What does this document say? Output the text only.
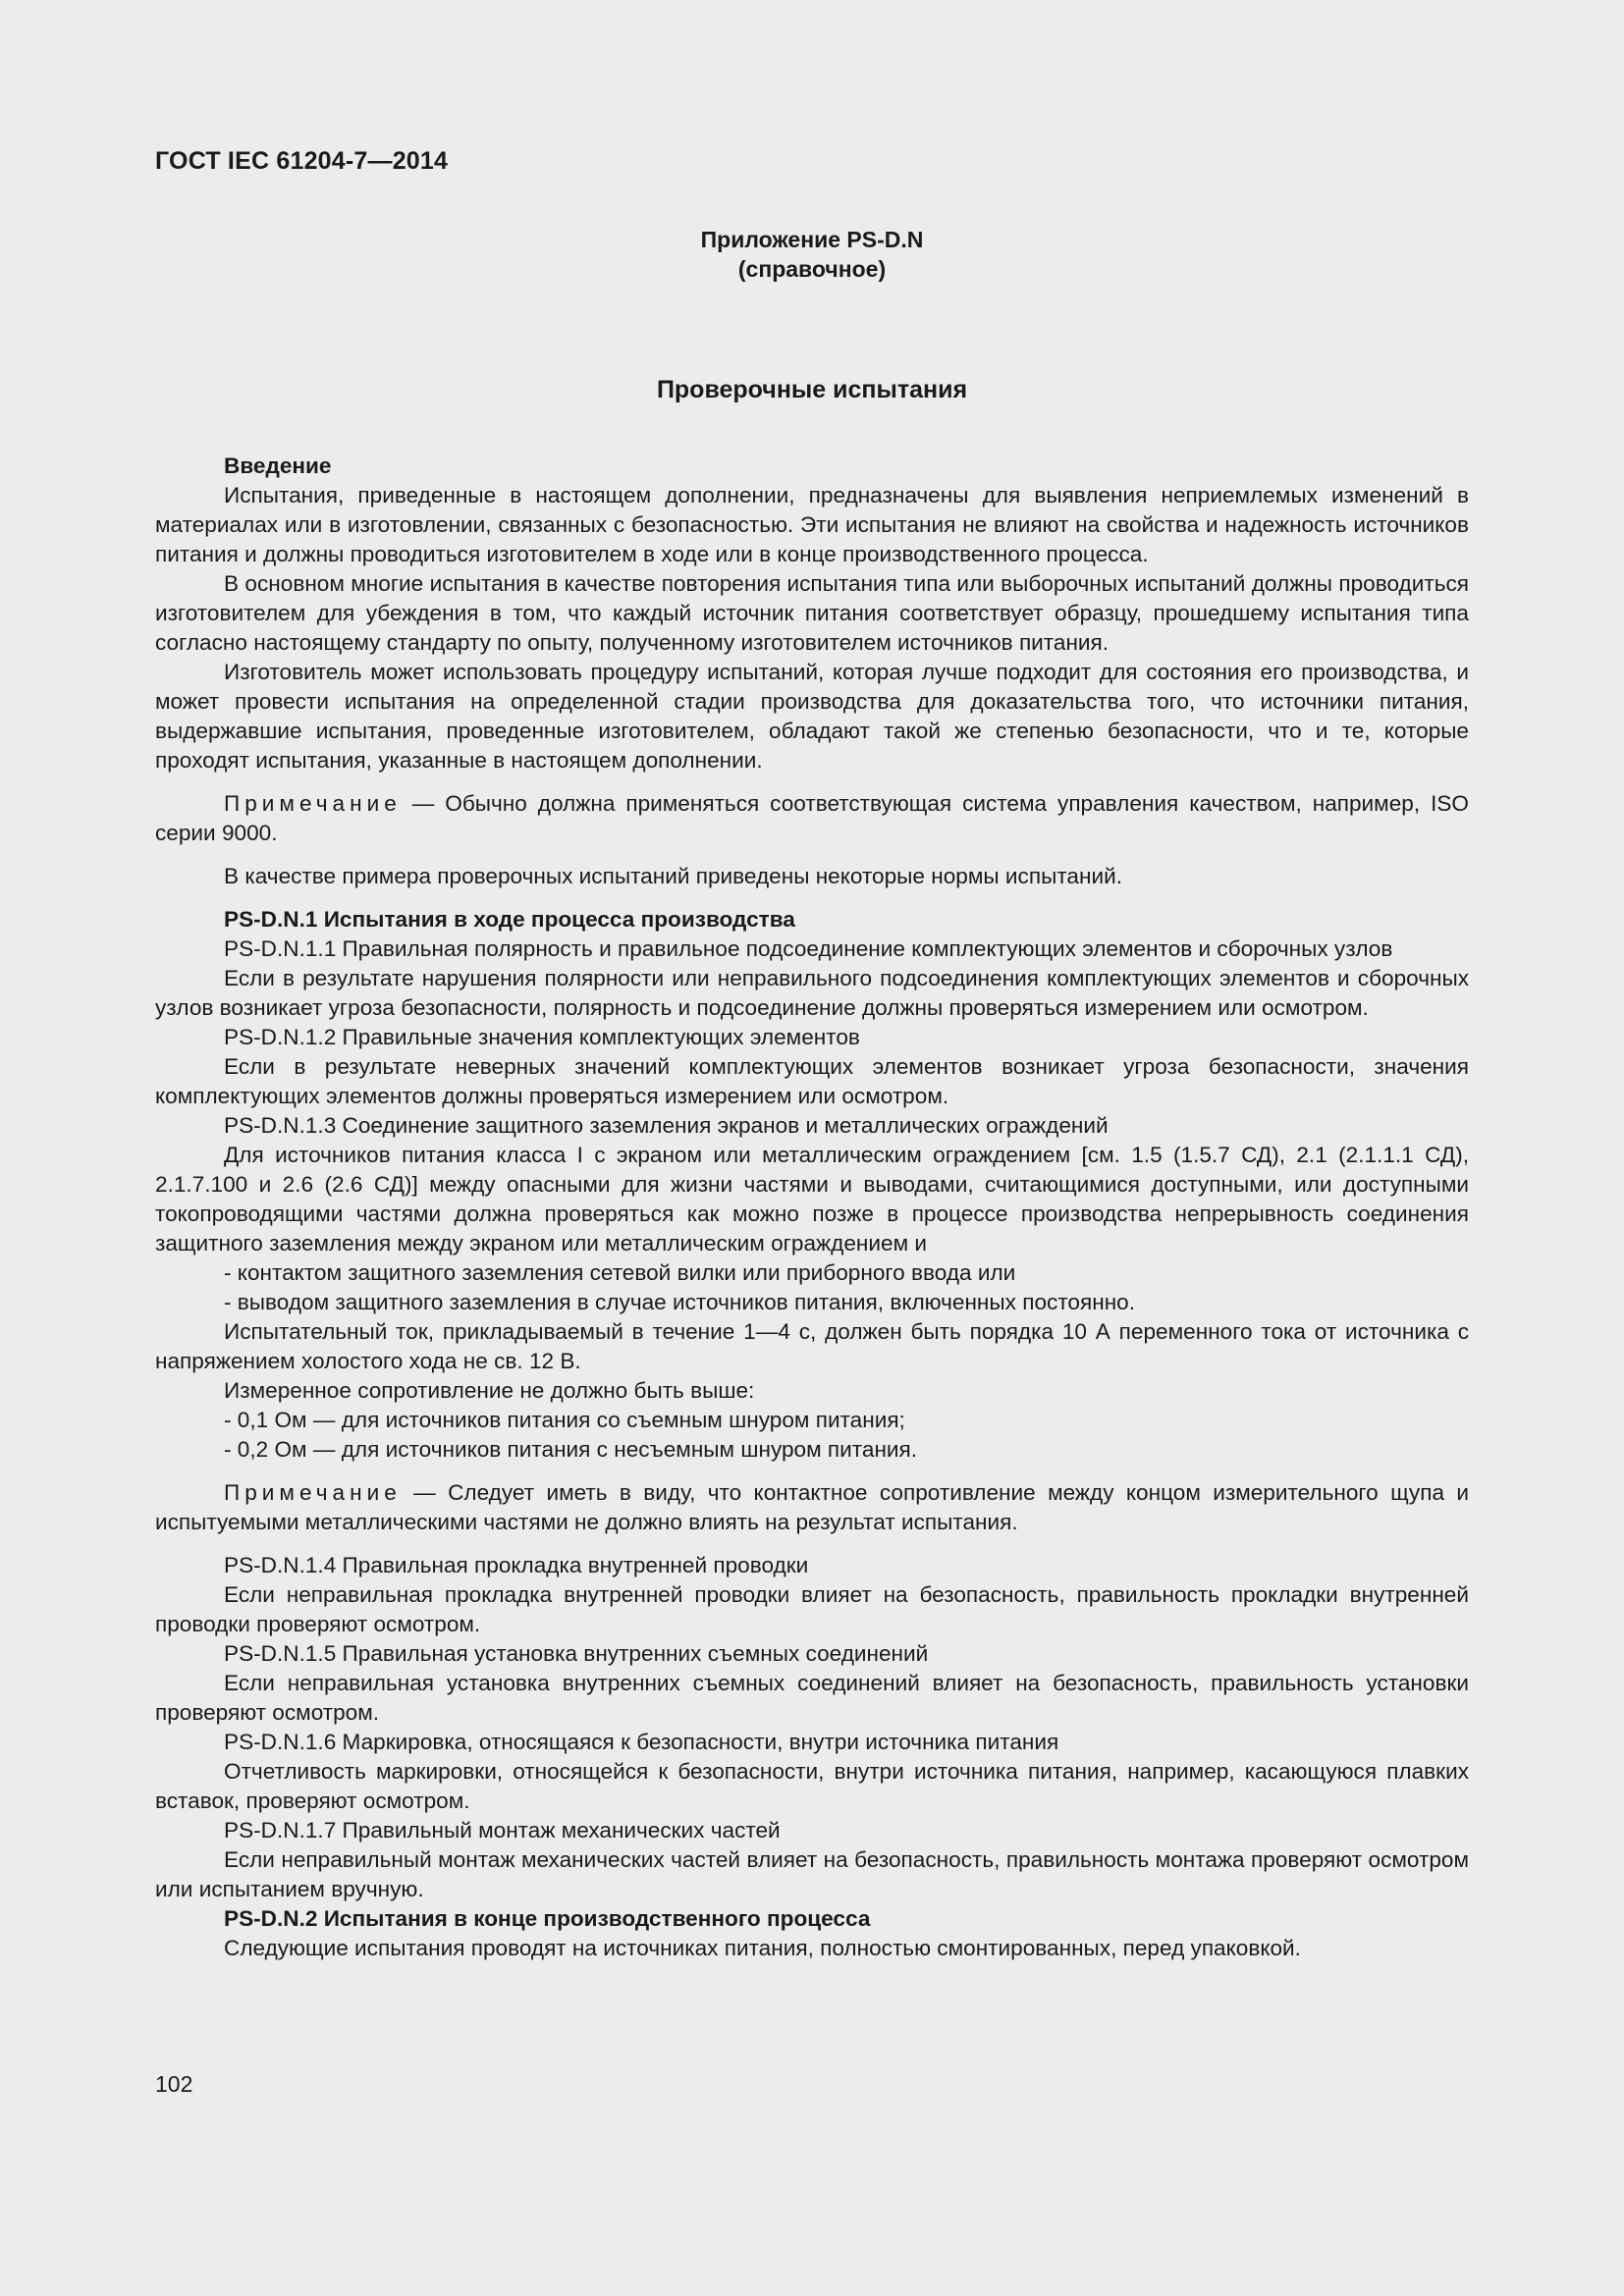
ГОСТ IEC 61204-7—2014
Приложение PS-D.N
(справочное)
Проверочные испытания

Введение

Испытания, приведенные в настоящем дополнении, предназначены для выявления неприемлемых изменений в материалах или в изготовлении, связанных с безопасностью. Эти испытания не влияют на свойства и надежность источников питания и должны проводиться изготовителем в ходе или в конце производственного процесса.

В основном многие испытания в качестве повторения испытания типа или выборочных испытаний должны проводиться изготовителем для убеждения в том, что каждый источник питания соответствует образцу, прошедшему испытания типа согласно настоящему стандарту по опыту, полученному изготовителем источников питания.

Изготовитель может использовать процедуру испытаний, которая лучше подходит для состояния его производства, и может провести испытания на определенной стадии производства для доказательства того, что источники питания, выдержавшие испытания, проведенные изготовителем, обладают такой же степенью безопасности, что и те, которые проходят испытания, указанные в настоящем дополнении.

Примечание — Обычно должна применяться соответствующая система управления качеством, например, ISO серии 9000.

В качестве примера проверочных испытаний приведены некоторые нормы испытаний.

PS-D.N.1 Испытания в ходе процесса производства

PS-D.N.1.1 Правильная полярность и правильное подсоединение комплектующих элементов и сборочных узлов

Если в результате нарушения полярности или неправильного подсоединения комплектующих элементов и сборочных узлов возникает угроза безопасности, полярность и подсоединение должны проверяться измерением или осмотром.

PS-D.N.1.2 Правильные значения комплектующих элементов

Если в результате неверных значений комплектующих элементов возникает угроза безопасности, значения комплектующих элементов должны проверяться измерением или осмотром.

PS-D.N.1.3 Соединение защитного заземления экранов и металлических ограждений

Для источников питания класса I с экраном или металлическим ограждением [см. 1.5 (1.5.7 СД), 2.1 (2.1.1.1 СД), 2.1.7.100 и 2.6 (2.6 СД)] между опасными для жизни частями и выводами, считающимися доступными, или доступными токопроводящими частями должна проверяться как можно позже в процессе производства непрерывность соединения защитного заземления между экраном или металлическим ограждением и

- контактом защитного заземления сетевой вилки или приборного ввода или

- выводом защитного заземления в случае источников питания, включенных постоянно.

Испытательный ток, прикладываемый в течение 1—4 с, должен быть порядка 10 А переменного тока от источника с напряжением холостого хода не св. 12 В.

Измеренное сопротивление не должно быть выше:

- 0,1 Ом — для источников питания со съемным шнуром питания;

- 0,2 Ом — для источников питания с несъемным шнуром питания.

Примечание — Следует иметь в виду, что контактное сопротивление между концом измерительного щупа и испытуемыми металлическими частями не должно влиять на результат испытания.

PS-D.N.1.4 Правильная прокладка внутренней проводки

Если неправильная прокладка внутренней проводки влияет на безопасность, правильность прокладки внутренней проводки проверяют осмотром.

PS-D.N.1.5 Правильная установка внутренних съемных соединений

Если неправильная установка внутренних съемных соединений влияет на безопасность, правильность установки проверяют осмотром.

PS-D.N.1.6 Маркировка, относящаяся к безопасности, внутри источника питания

Отчетливость маркировки, относящейся к безопасности, внутри источника питания, например, касающуюся плавких вставок, проверяют осмотром.

PS-D.N.1.7 Правильный монтаж механических частей

Если неправильный монтаж механических частей влияет на безопасность, правильность монтажа проверяют осмотром или испытанием вручную.

PS-D.N.2 Испытания в конце производственного процесса

Следующие испытания проводят на источниках питания, полностью смонтированных, перед упаковкой.

102
